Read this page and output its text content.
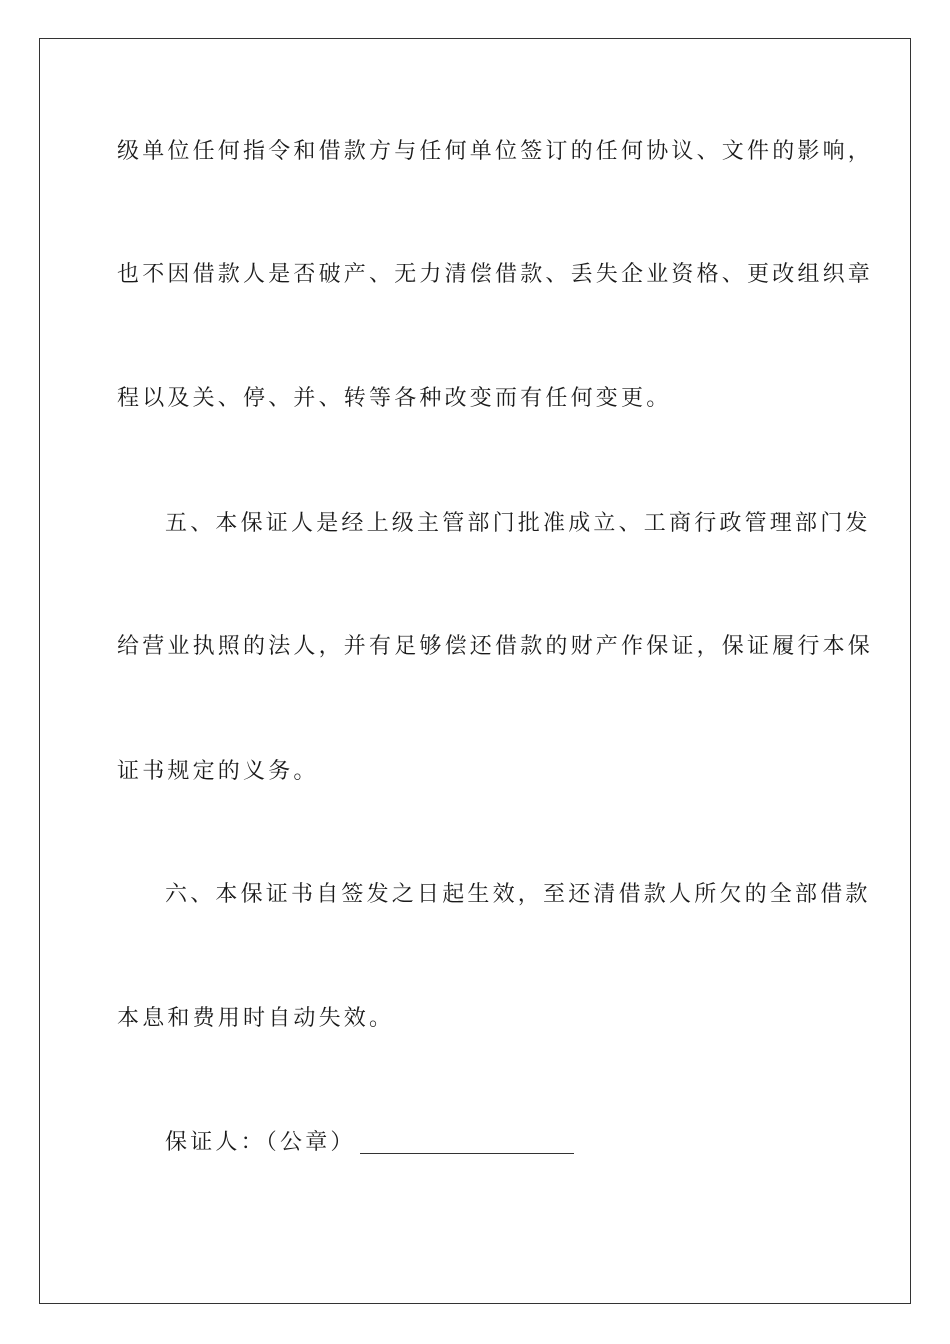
级单位任何指令和借款方与任何单位签订的任何协议、文件的影响，
也不因借款人是否破产、无力清偿借款、丢失企业资格、更改组织章
程以及关、停、并、转等各种改变而有任何变更。
五、本保证人是经上级主管部门批准成立、工商行政管理部门发
给营业执照的法人，并有足够偿还借款的财产作保证，保证履行本保
证书规定的义务。
六、本保证书自签发之日起生效，至还清借款人所欠的全部借款
本息和费用时自动失效。
保证人：（公章）
